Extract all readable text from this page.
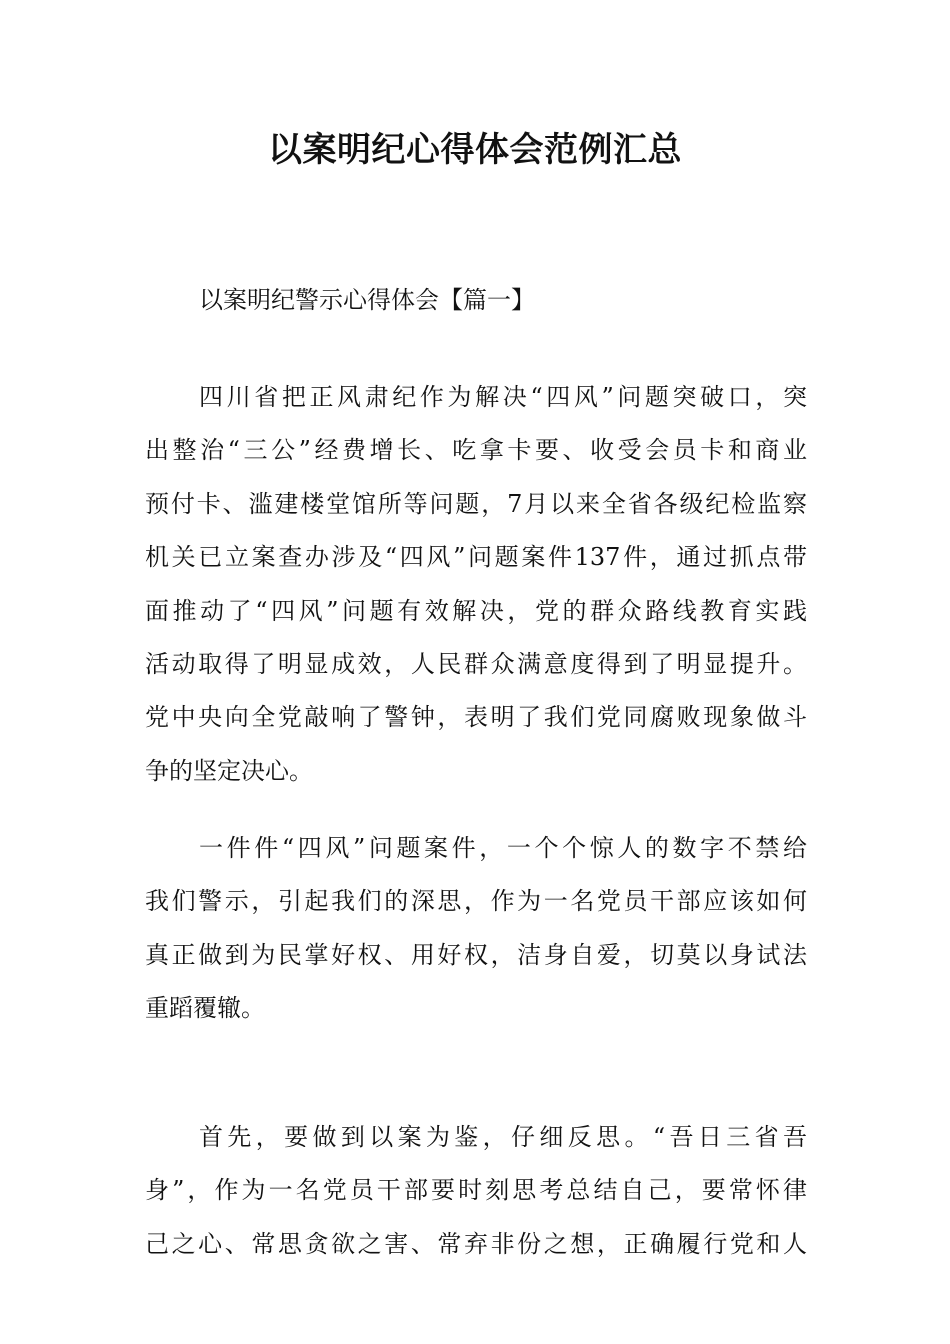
以案明纪心得体会范例汇总
以案明纪警示心得体会【篇一】
四川省把正风肃纪作为解决“四风”问题突破口，突
出整治“三公”经费增长、吃拿卡要、收受会员卡和商业
预付卡、滥建楼堂馆所等问题，7月以来全省各级纪检监察
机关已立案查办涉及“四风”问题案件137件，通过抓点带
面推动了“四风”问题有效解决，党的群众路线教育实践
活动取得了明显成效，人民群众满意度得到了明显提升。
党中央向全党敲响了警钟，表明了我们党同腐败现象做斗
争的坚定决心。
一件件“四风”问题案件，一个个惊人的数字不禁给
我们警示，引起我们的深思，作为一名党员干部应该如何
真正做到为民掌好权、用好权，洁身自爱，切莫以身试法
重蹈覆辙。
首先，要做到以案为鉴，仔细反思。“吾日三省吾
身”，作为一名党员干部要时刻思考总结自己，要常怀律
己之心、常思贪欲之害、常弃非份之想，正确履行党和人
